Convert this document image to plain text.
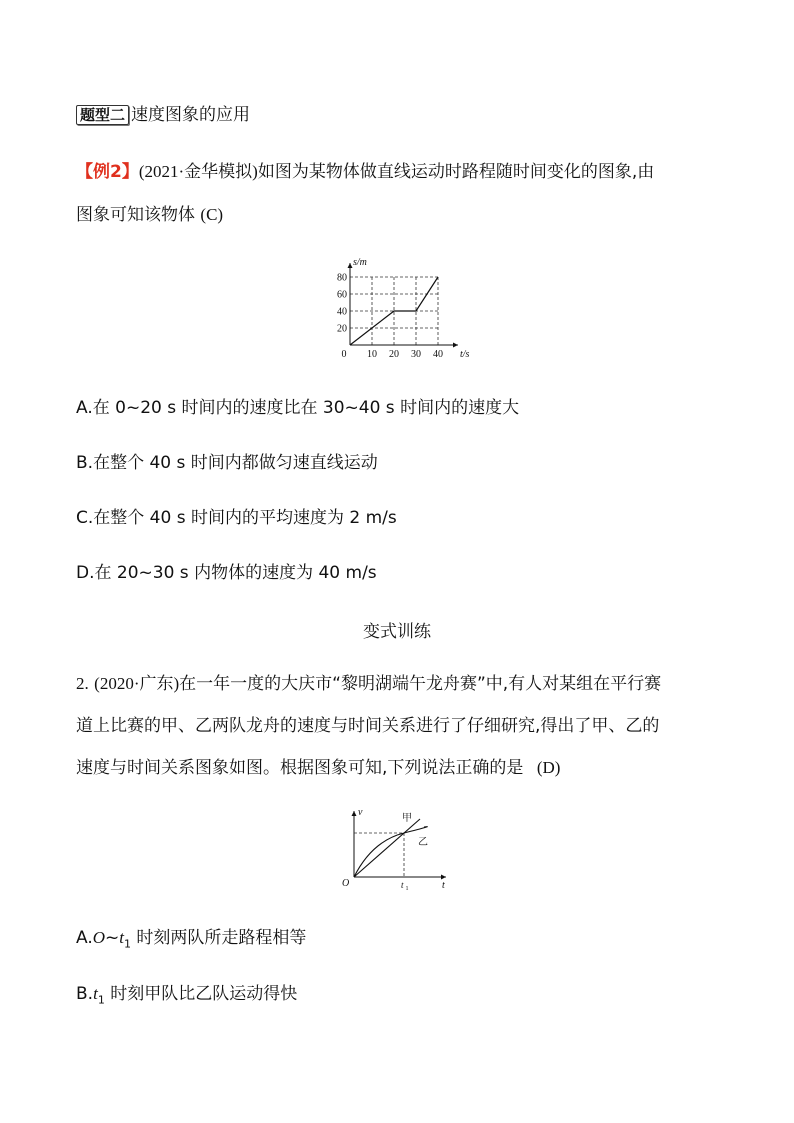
题型二 速度图象的应用
【例2】(2021·金华模拟)如图为某物体做直线运动时路程随时间变化的图象,由
图象可知该物体 (C)
0 10 20 30 40
20
40
60
80
t/s
s/m
A.在 0~20 s 时间内的速度比在 30~40 s 时间内的速度大
B.在整个 40 s 时间内都做匀速直线运动
C.在整个 40 s 时间内的平均速度为 2 m/s
D.在 20~30 s 内物体的速度为 40 m/s
变式训练
2. (2020·广东)在一年一度的大庆市“黎明湖端午龙舟赛”中,有人对某组在平行赛
道上比赛的甲、乙两队龙舟的速度与时间关系进行了仔细研究,得出了甲、乙的
速度与时间关系图象如图。根据图象可知,下列说法正确的是 (D)
O
v
t
t 1
甲
乙
$A.O\sim t_1$ 时刻两队所走路程相等
$B.t_1$ 时刻甲队比乙队运动得快
